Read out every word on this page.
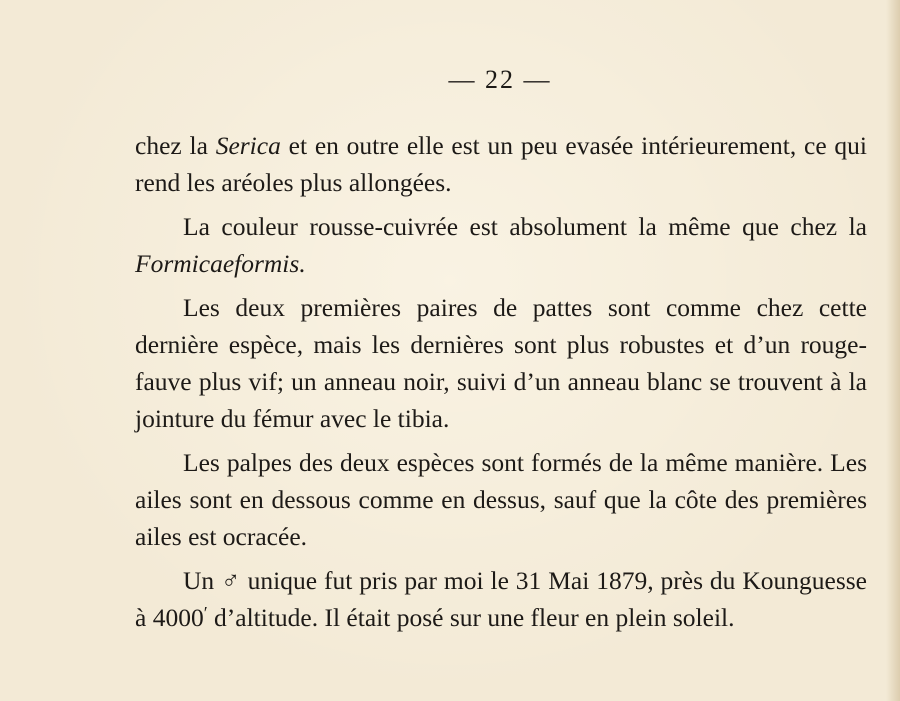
— 22 —

chez la Serica et en outre elle est un peu evasée intérieurement, ce qui rend les aréoles plus allongées.

La couleur rousse-cuivrée est absolument la même que chez la Formicaeformis.

Les deux premières paires de pattes sont comme chez cette dernière espèce, mais les dernières sont plus robustes et d’un rouge-fauve plus vif; un anneau noir, suivi d’un anneau blanc se trouvent à la jointure du fémur avec le tibia.

Les palpes des deux espèces sont formés de la même manière. Les ailes sont en dessous comme en dessus, sauf que la côte des premières ailes est ocracée.

Un ♂ unique fut pris par moi le 31 Mai 1879, près du Kounguesse à 4000′ d’altitude. Il était posé sur une fleur en plein soleil.
